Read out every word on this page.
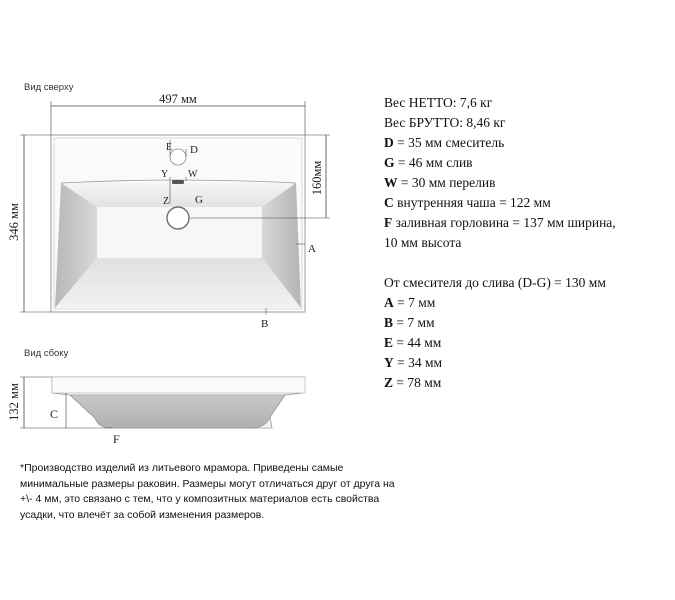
Вид сверху
Вид сбоку
497 мм
346 мм
160мм
E D
Y W
Z G
A
B
132 мм C
F
Вес НЕТТО: 7,6 кг
Вес БРУТТО: 8,46 кг
D = 35 мм смеситель
G = 46 мм слив
W = 30 мм перелив
C внутренняя чаша = 122 мм
F заливная горловина = 137 мм ширина,
10 мм высота
От смесителя до слива (D-G) = 130 мм
A = 7 мм
B = 7 мм
E = 44 мм
Y = 34 мм
Z = 78 мм
*Производство изделий из литьевого мрамора. Приведены самые
минимальные размеры раковин. Размеры могут отличаться друг от друга на
+\- 4 мм, это связано с тем, что у композитных материалов есть свойства
усадки, что влечёт за собой изменения размеров.
